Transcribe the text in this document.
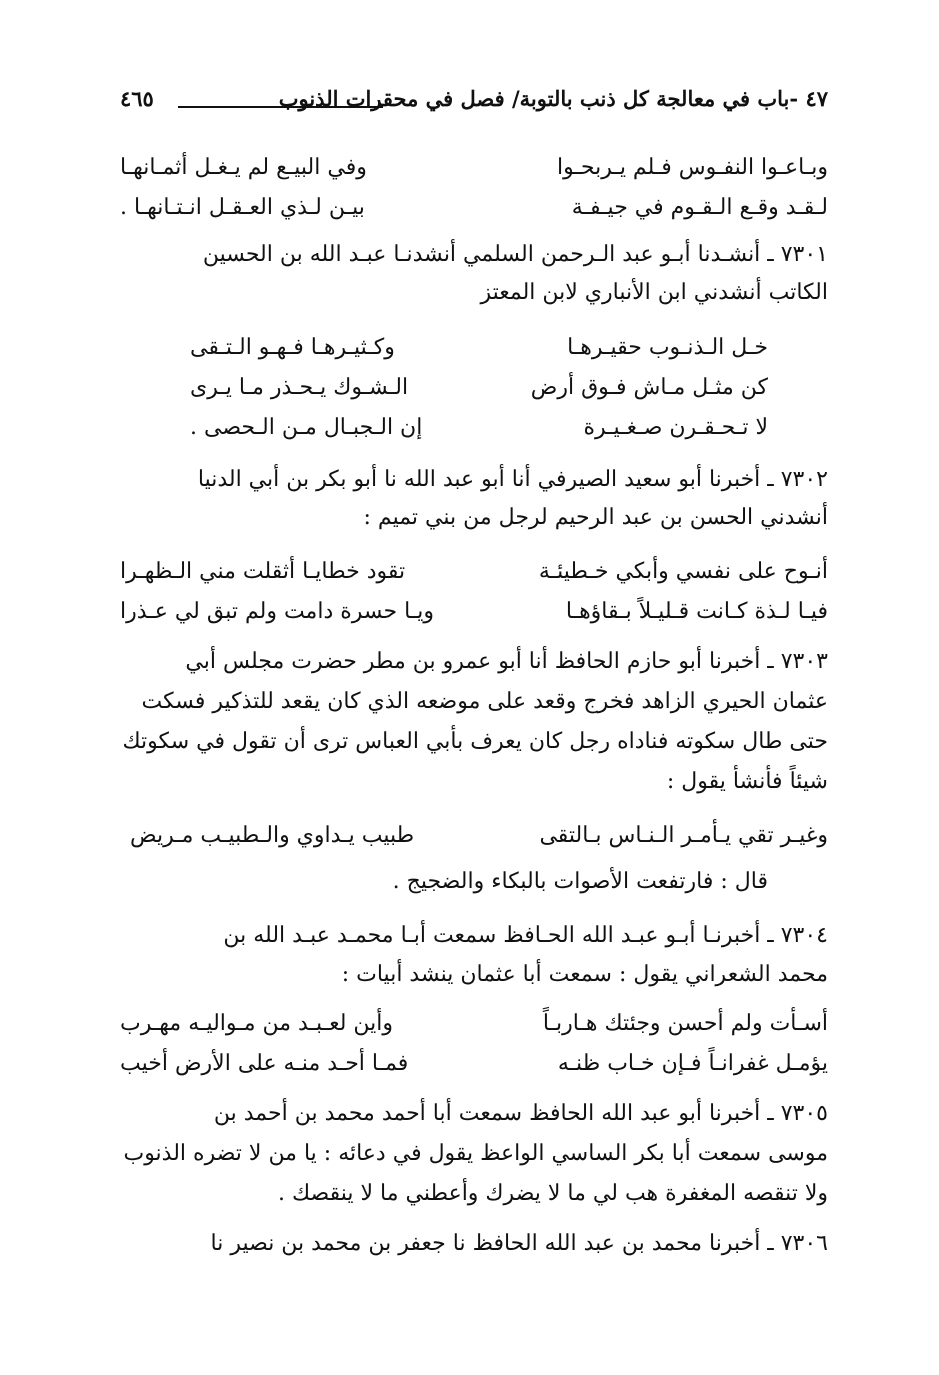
٤٧ -باب في معالجة كل ذنب بالتوبة/ فصل في محقرات الذنوب
٤٦٥
وبـاعـوا النفـوس فـلم يـربحـوا
وفي البيـع لم يـغـل أثمـانهـا
لـقـد وقـع الـقـوم في جيـفـة
بيـن لـذي العـقـل انـتـانهـا .
٧٣٠١ ـ أنشـدنا أبـو عبد الـرحمن السلمي أنشدنـا عبـد الله بن الحسين
الكاتب أنشدني ابن الأنباري لابن المعتز
خـل الـذنـوب حقيـرهـا
وكـثيـرهـا فـهـو الـتـقى
كن مثـل مـاش فـوق أرض
الـشـوك يـحـذر مـا يـرى
لا تـحـقـرن صـغـيـرة
إن الـجبـال مـن الـحصى .
٧٣٠٢ ـ أخبرنا أبو سعيد الصيرفي أنا أبو عبد الله نا أبو بكر بن أبي الدنيا
أنشدني الحسن بن عبد الرحيم لرجل من بني تميم :
أنـوح على نفسي وأبكي خـطيئـة
تقود خطايـا أثقلت مني الـظهـرا
فيـا لـذة كـانت قـليـلاً بـقاؤهـا
ويـا حسرة دامت ولم تبق لي عـذرا
٧٣٠٣ ـ أخبرنا أبو حازم الحافظ أنا أبو عمرو بن مطر حضرت مجلس أبي
عثمان الحيري الزاهد فخرج وقعد على موضعه الذي كان يقعد للتذكير فسكت
حتى طال سكوته فناداه رجل كان يعرف بأبي العباس ترى أن تقول في سكوتك
شيئاً فأنشأ يقول :
وغيـر تقي يـأمـر الـنـاس بـالتقى
طبيب يـداوي والـطبيـب مـريض
قال : فارتفعت الأصوات بالبكاء والضجيج .
٧٣٠٤ ـ أخبرنـا أبـو عبـد الله الحـافظ سمعت أبـا محمـد عبـد الله بن
محمد الشعراني يقول : سمعت أبا عثمان ينشد أبيات :
أسـأت ولم أحسن وجئتك هـاربـاً
وأين لعـبـد من مـواليـه مهـرب
يؤمـل غفرانـاً فـإن خـاب ظنـه
فمـا أحـد منـه على الأرض أخيب
٧٣٠٥ ـ أخبرنا أبو عبد الله الحافظ سمعت أبا أحمد محمد بن أحمد بن
موسى سمعت أبا بكر الساسي الواعظ يقول في دعائه : يا من لا تضره الذنوب
ولا تنقصه المغفرة هب لي ما لا يضرك وأعطني ما لا ينقصك .
٧٣٠٦ ـ أخبرنا محمد بن عبد الله الحافظ نا جعفر بن محمد بن نصير نا
